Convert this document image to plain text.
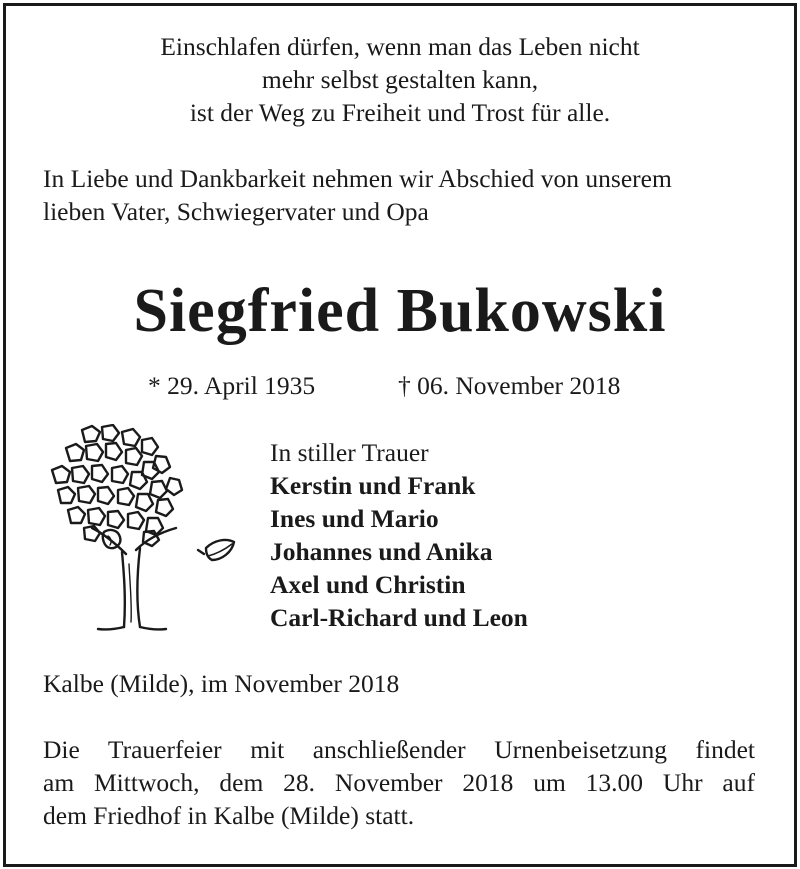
Einschlafen dürfen, wenn man das Leben nicht
mehr selbst gestalten kann,
ist der Weg zu Freiheit und Trost für alle.
In Liebe und Dankbarkeit nehmen wir Abschied von unserem
lieben Vater, Schwiegervater und Opa
Siegfried Bukowski
* 29. April 1935	† 06. November 2018
In stiller Trauer
Kerstin und Frank
Ines und Mario
Johannes und Anika
Axel und Christin
Carl-Richard und Leon
Kalbe (Milde), im November 2018
Die Trauerfeier mit anschließender Urnenbeisetzung findet
am Mittwoch, dem 28. November 2018 um 13.00 Uhr auf
dem Friedhof in Kalbe (Milde) statt.
